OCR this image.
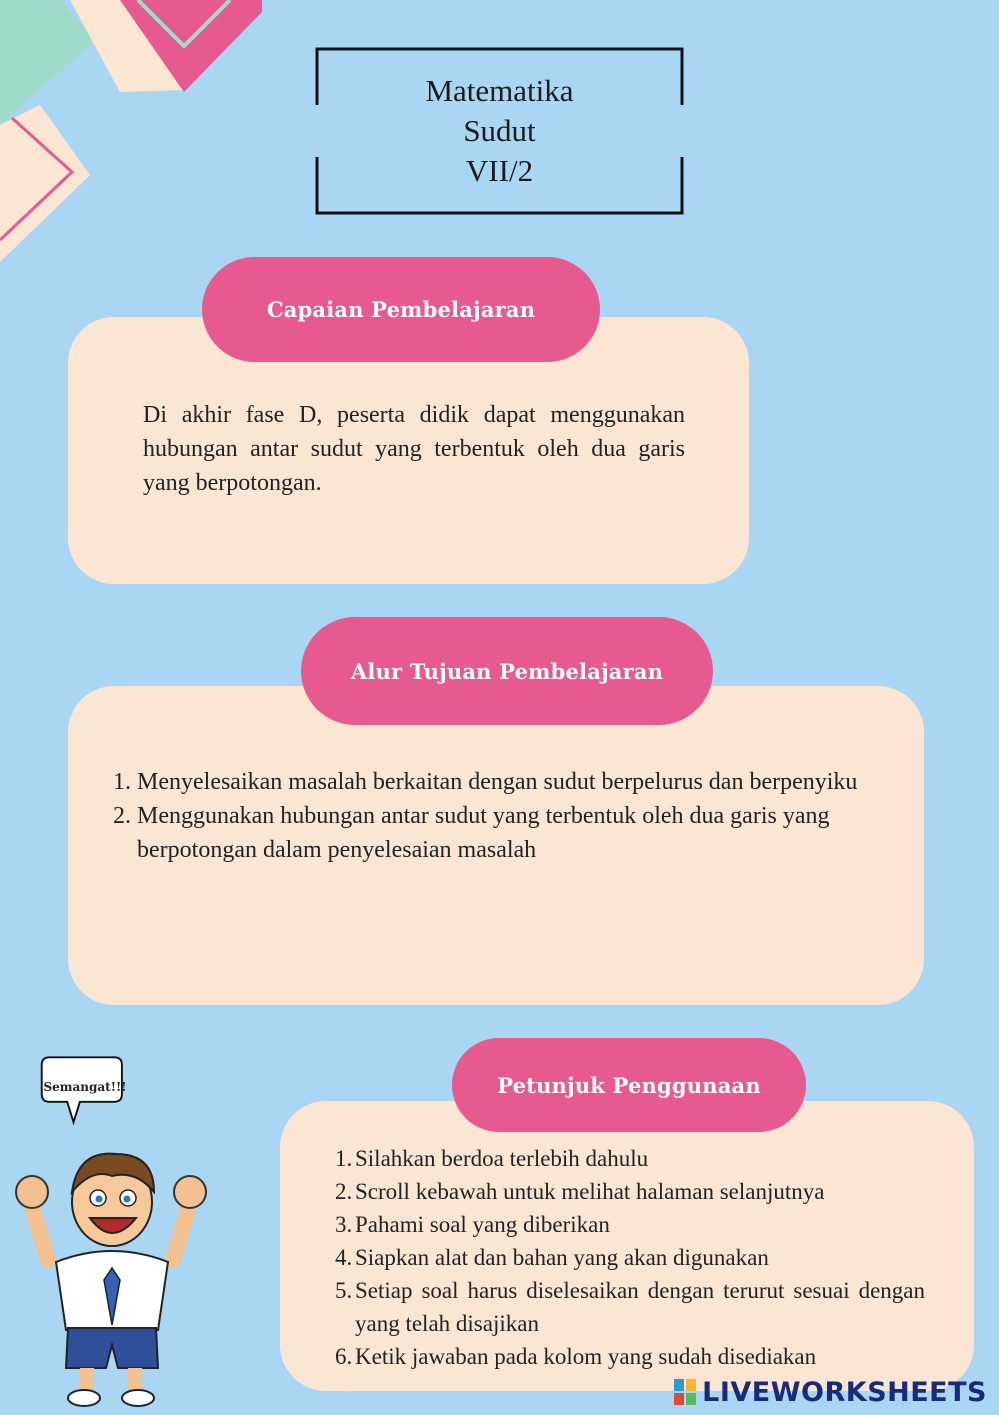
Matematika
Sudut
VII/2
Capaian Pembelajaran
Di akhir fase D, peserta didik dapat menggunakan hubungan antar sudut yang terbentuk oleh dua garis yang berpotongan.
Alur Tujuan Pembelajaran
1. Menyelesaikan masalah berkaitan dengan sudut berpelurus dan berpenyiku
2. Menggunakan hubungan antar sudut yang terbentuk oleh dua garis yang berpotongan dalam penyelesaian masalah
Petunjuk Penggunaan
1. Silahkan berdoa terlebih dahulu
2. Scroll kebawah untuk melihat halaman selanjutnya
3. Pahami soal yang diberikan
4. Siapkan alat dan bahan yang akan digunakan
5. Setiap soal harus diselesaikan dengan terurut sesuai dengan yang telah disajikan
6. Ketik jawaban pada kolom yang sudah disediakan
Semangat!!!
LIVEWORKSHEETS
